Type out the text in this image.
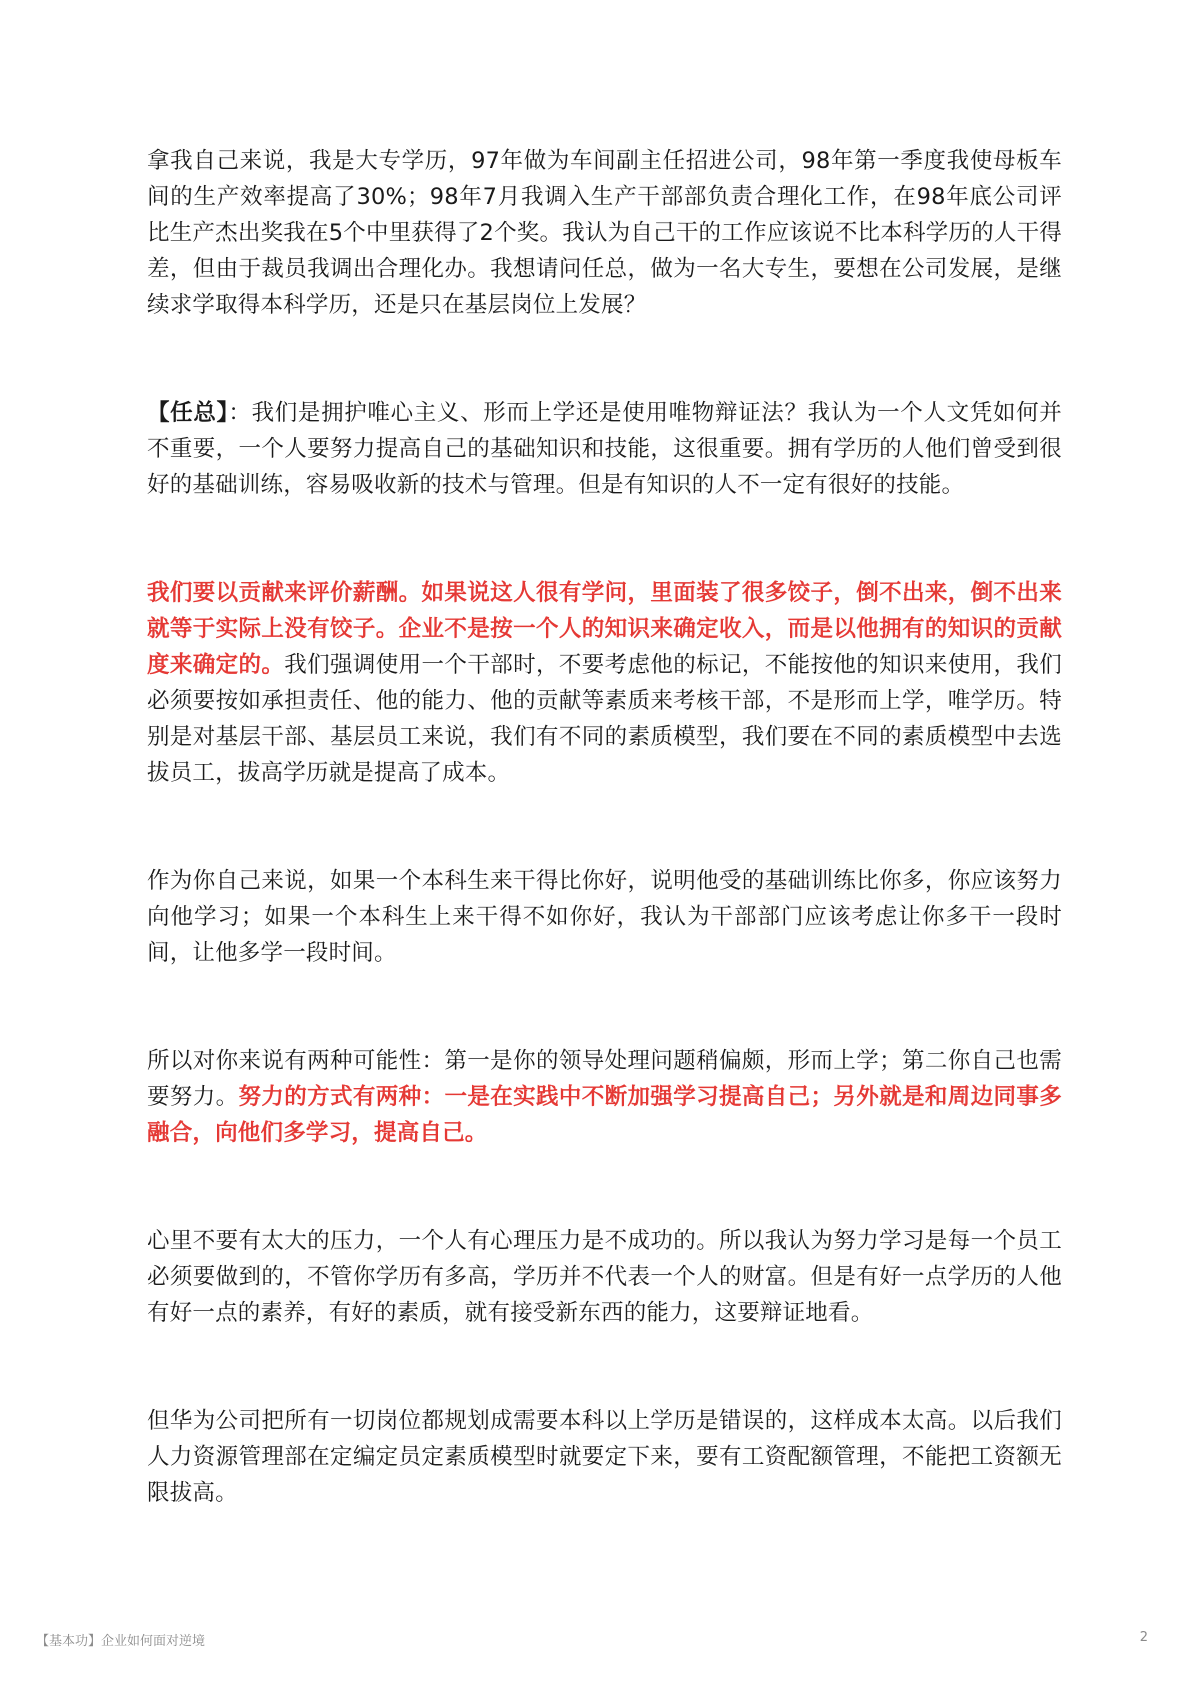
拿我自己来说，我是大专学历，97年做为车间副主任招进公司，98年第一季度我使母板车间的生产效率提高了30%；98年7月我调入生产干部部负责合理化工作，在98年底公司评比生产杰出奖我在5个中里获得了2个奖。我认为自己干的工作应该说不比本科学历的人干得差，但由于裁员我调出合理化办。我想请问任总，做为一名大专生，要想在公司发展，是继续求学取得本科学历，还是只在基层岗位上发展？

【任总】：我们是拥护唯心主义、形而上学还是使用唯物辩证法？我认为一个人文凭如何并不重要，一个人要努力提高自己的基础知识和技能，这很重要。拥有学历的人他们曾受到很好的基础训练，容易吸收新的技术与管理。但是有知识的人不一定有很好的技能。

我们要以贡献来评价薪酬。如果说这人很有学问，里面装了很多饺子，倒不出来，倒不出来就等于实际上没有饺子。企业不是按一个人的知识来确定收入，而是以他拥有的知识的贡献度来确定的。我们强调使用一个干部时，不要考虑他的标记，不能按他的知识来使用，我们必须要按如承担责任、他的能力、他的贡献等素质来考核干部，不是形而上学，唯学历。特别是对基层干部、基层员工来说，我们有不同的素质模型，我们要在不同的素质模型中去选拔员工，拔高学历就是提高了成本。

作为你自己来说，如果一个本科生来干得比你好，说明他受的基础训练比你多，你应该努力向他学习；如果一个本科生上来干得不如你好，我认为干部部门应该考虑让你多干一段时间，让他多学一段时间。

所以对你来说有两种可能性：第一是你的领导处理问题稍偏颇，形而上学；第二你自己也需要努力。努力的方式有两种：一是在实践中不断加强学习提高自己；另外就是和周边同事多融合，向他们多学习，提高自己。

心里不要有太大的压力，一个人有心理压力是不成功的。所以我认为努力学习是每一个员工必须要做到的，不管你学历有多高，学历并不代表一个人的财富。但是有好一点学历的人他有好一点的素养，有好的素质，就有接受新东西的能力，这要辩证地看。

但华为公司把所有一切岗位都规划成需要本科以上学历是错误的，这样成本太高。以后我们人力资源管理部在定编定员定素质模型时就要定下来，要有工资配额管理，不能把工资额无限拔高。

【基本功】企业如何面对逆境	2
